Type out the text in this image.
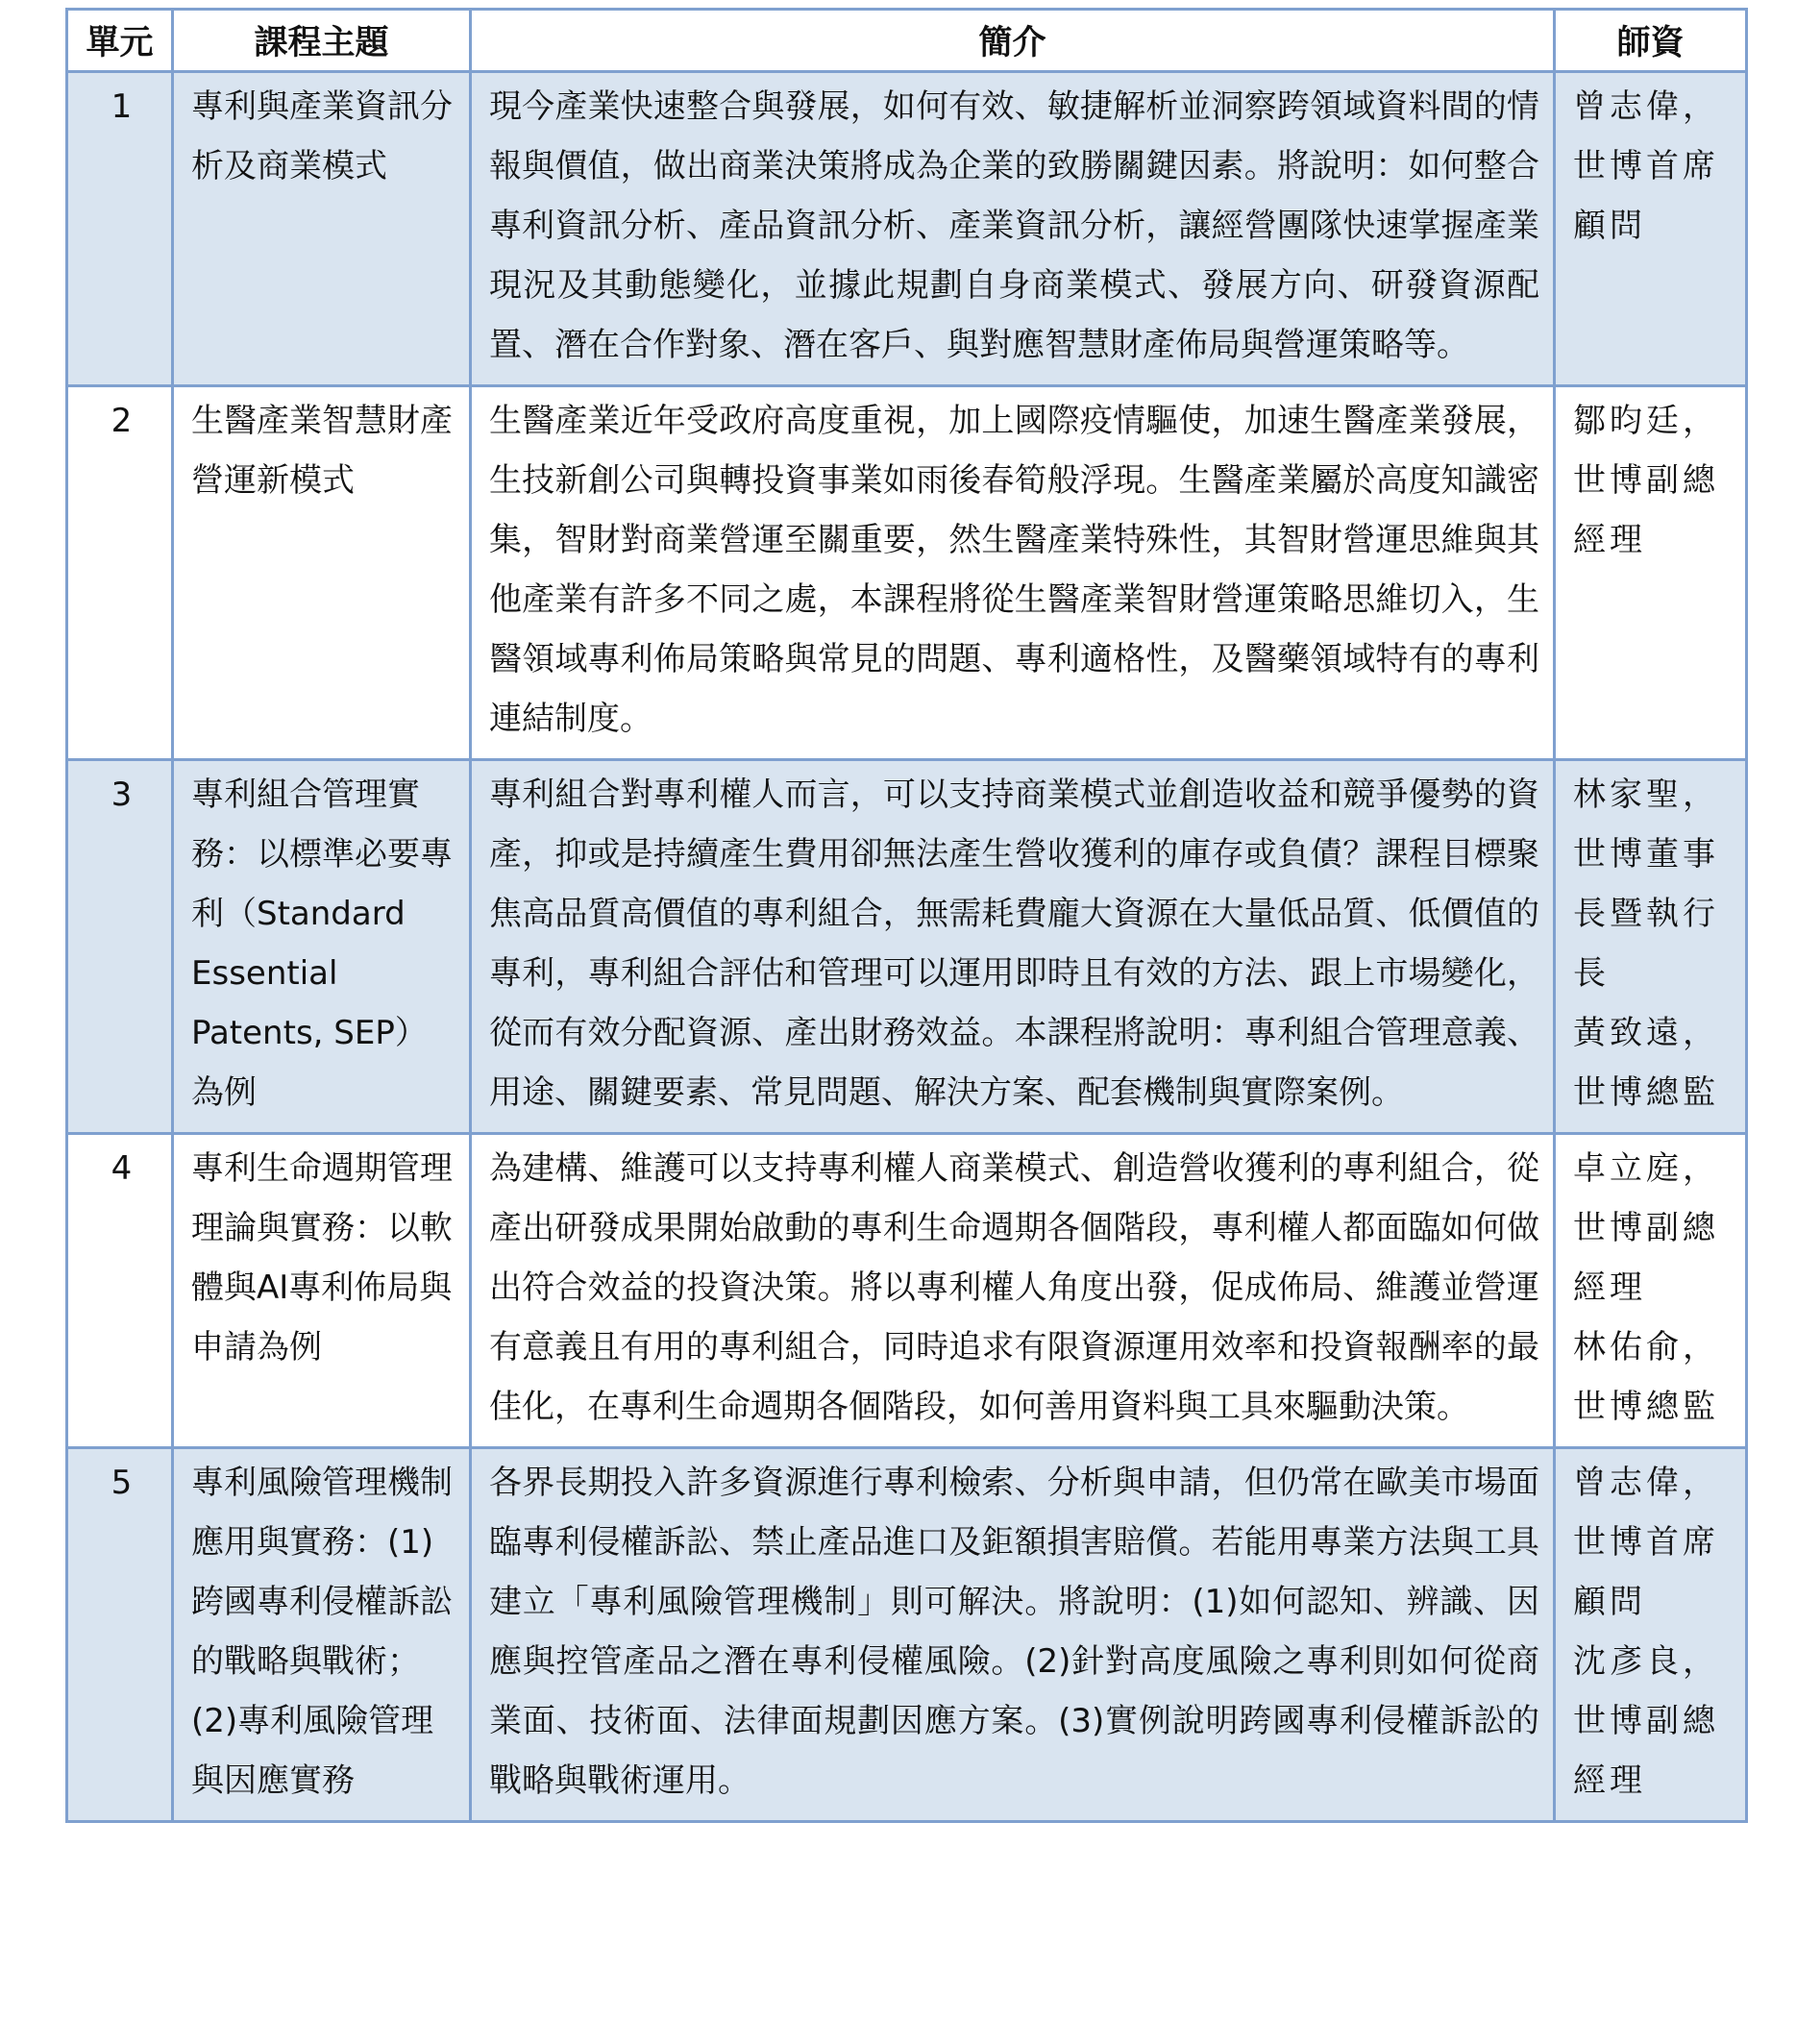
單元	課程主題	簡介	師資
1	專利與產業資訊分析及商業模式	現今產業快速整合與發展，如何有效、敏捷解析並洞察跨領域資料間的情報與價值，做出商業決策將成為企業的致勝關鍵因素。將說明：如何整合專利資訊分析、產品資訊分析、產業資訊分析，讓經營團隊快速掌握產業現況及其動態變化，並據此規劃自身商業模式、發展方向、研發資源配置、潛在合作對象、潛在客戶、與對應智慧財產佈局與營運策略等。	曾志偉，世博首席顧問

2	生醫產業智慧財產營運新模式	生醫產業近年受政府高度重視，加上國際疫情驅使，加速生醫產業發展，生技新創公司與轉投資事業如雨後春筍般浮現。生醫產業屬於高度知識密集，智財對商業營運至關重要，然生醫產業特殊性，其智財營運思維與其他產業有許多不同之處，本課程將從生醫產業智財營運策略思維切入，生醫領域專利佈局策略與常見的問題、專利適格性，及醫藥領域特有的專利連結制度。	鄒昀廷，世博副總經理

3	專利組合管理實務：以標準必要專利（Standard Essential Patents, SEP）為例	專利組合對專利權人而言，可以支持商業模式並創造收益和競爭優勢的資產，抑或是持續產生費用卻無法產生營收獲利的庫存或負債？課程目標聚焦高品質高價值的專利組合，無需耗費龐大資源在大量低品質、低價值的專利，專利組合評估和管理可以運用即時且有效的方法、跟上市場變化，從而有效分配資源、產出財務效益。本課程將說明：專利組合管理意義、用途、關鍵要素、常見問題、解決方案、配套機制與實際案例。	林家聖，世博董事長暨執行長
黃致遠，世博總監

4	專利生命週期管理理論與實務：以軟體與AI專利佈局與申請為例	為建構、維護可以支持專利權人商業模式、創造營收獲利的專利組合，從產出研發成果開始啟動的專利生命週期各個階段，專利權人都面臨如何做出符合效益的投資決策。將以專利權人角度出發，促成佈局、維護並營運有意義且有用的專利組合，同時追求有限資源運用效率和投資報酬率的最佳化，在專利生命週期各個階段，如何善用資料與工具來驅動決策。	卓立庭，世博副總經理
林佑俞，世博總監

5	專利風險管理機制應用與實務：(1)跨國專利侵權訴訟的戰略與戰術；(2)專利風險管理與因應實務	各界長期投入許多資源進行專利檢索、分析與申請，但仍常在歐美市場面臨專利侵權訴訟、禁止產品進口及鉅額損害賠償。若能用專業方法與工具建立「專利風險管理機制」則可解決。將說明：(1)如何認知、辨識、因應與控管產品之潛在專利侵權風險。(2)針對高度風險之專利則如何從商業面、技術面、法律面規劃因應方案。(3)實例說明跨國專利侵權訴訟的戰略與戰術運用。	曾志偉，世博首席顧問
沈彥良，世博副總經理
